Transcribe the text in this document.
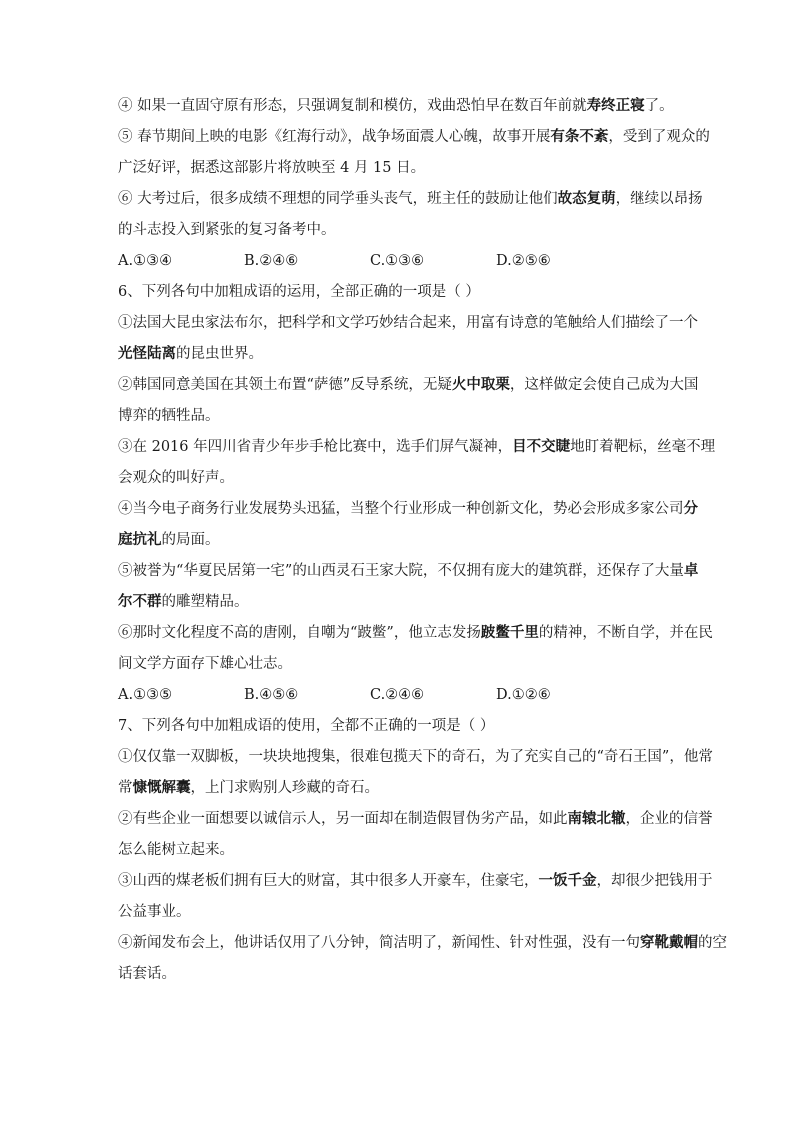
④ 如果一直固守原有形态，只强调复制和模仿，戏曲恐怕早在数百年前就寿终正寝了。
⑤ 春节期间上映的电影《红海行动》，战争场面震人心魄，故事开展有条不紊，受到了观众的
广泛好评，据悉这部影片将放映至 4 月 15 日。
⑥ 大考过后，很多成绩不理想的同学垂头丧气，班主任的鼓励让他们故态复萌，继续以昂扬
的斗志投入到紧张的复习备考中。
A.①③④	B.②④⑥	C.①③⑥	D.②⑤⑥
6、下列各句中加粗成语的运用，全部正确的一项是（ ）
①法国大昆虫家法布尔，把科学和文学巧妙结合起来，用富有诗意的笔触给人们描绘了一个
光怪陆离的昆虫世界。
②韩国同意美国在其领土布置“萨德”反导系统，无疑火中取栗，这样做定会使自己成为大国
博弈的牺牲品。
③在 2016 年四川省青少年步手枪比赛中，选手们屏气凝神，目不交睫地盯着靶标，丝毫不理
会观众的叫好声。
④当今电子商务行业发展势头迅猛，当整个行业形成一种创新文化，势必会形成多家公司分
庭抗礼的局面。
⑤被誉为“华夏民居第一宅”的山西灵石王家大院，不仅拥有庞大的建筑群，还保存了大量卓
尔不群的雕塑精品。
⑥那时文化程度不高的唐刚，自嘲为“跛鳖”，他立志发扬跛鳖千里的精神，不断自学，并在民
间文学方面存下雄心壮志。
A.①③⑤	B.④⑤⑥	C.②④⑥	D.①②⑥
7、下列各句中加粗成语的使用，全都不正确的一项是（ ）
①仅仅靠一双脚板，一块块地搜集，很难包揽天下的奇石，为了充实自己的“奇石王国”，他常
常慷慨解囊，上门求购别人珍藏的奇石。
②有些企业一面想要以诚信示人，另一面却在制造假冒伪劣产品，如此南辕北辙，企业的信誉
怎么能树立起来。
③山西的煤老板们拥有巨大的财富，其中很多人开豪车，住豪宅，一饭千金，却很少把钱用于
公益事业。
④新闻发布会上，他讲话仅用了八分钟，简洁明了，新闻性、针对性强，没有一句穿靴戴帽的空
话套话。
